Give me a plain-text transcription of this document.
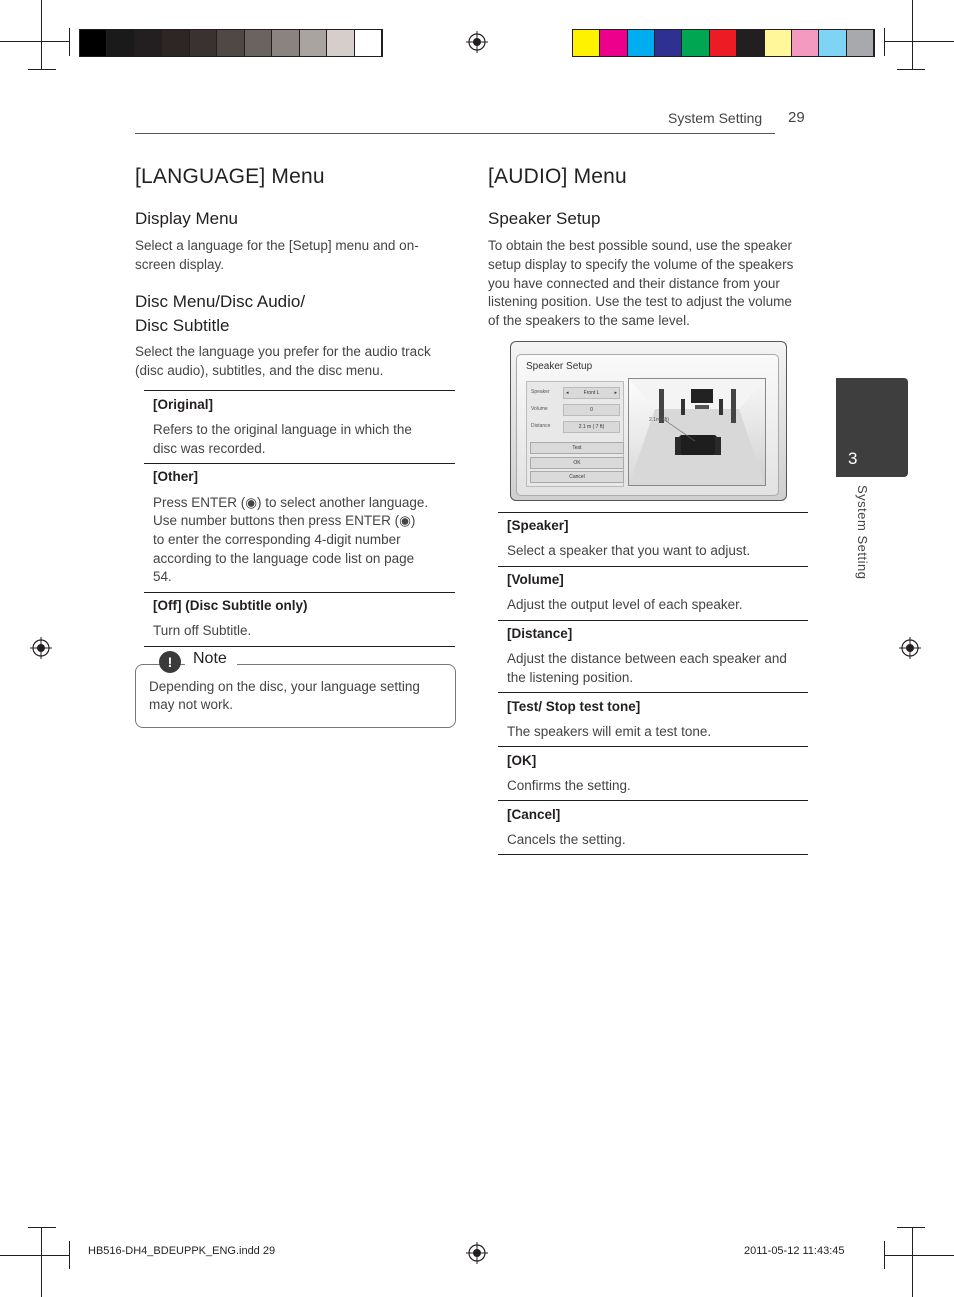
System Setting 29
3
System Setting
[LANGUAGE] Menu
Display Menu

Select a language for the [Setup] menu and on-

screen display.

Disc Menu/Disc Audio/
Disc Subtitle

Select the language you prefer for the audio track

(disc audio), subtitles, and the disc menu.

[Original]
Refers to the original language in which the
disc was recorded.
[Other]
Press ENTER (◉) to select another language.
Use number buttons then press ENTER (◉)
to enter the corresponding 4-digit number
according to the language code list on page
54.
[Off] (Disc Subtitle only)
Turn off Subtitle.
Note
!

Depending on the disc, your language setting

may not work.

[AUDIO] Menu
Speaker Setup

To obtain the best possible sound, use the speaker

setup display to specify the volume of the speakers

you have connected and their distance from your

listening position. Use the test to adjust the volume

of the speakers to the same level.

Speaker Setup
Speaker	◂	Front L	▸
Volume	0
Distance	2.1 m ( 7 ft)
Test
OK
Cancel
2.1m(7ft)
[Speaker]
Select a speaker that you want to adjust.
[Volume]
Adjust the output level of each speaker.
[Distance]
Adjust the distance between each speaker and
the listening position.
[Test/ Stop test tone]
The speakers will emit a test tone.
[OK]
Confirms the setting.
[Cancel]
Cancels the setting.
HB516-DH4_BDEUPPK_ENG.indd 29	2011-05-12 11:43:45
